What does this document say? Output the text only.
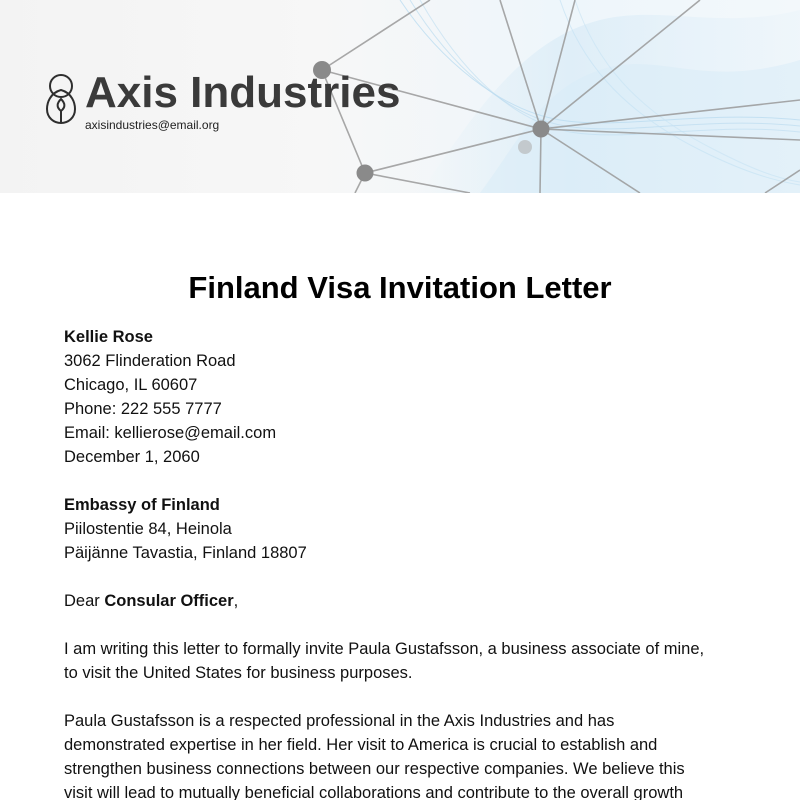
Axis Industries
axisindustries@email.org
Finland Visa Invitation Letter
Kellie Rose
3062 Flinderation Road
Chicago, IL 60607
Phone: 222 555 7777
Email: kellierose@email.com
December 1, 2060
Embassy of Finland
Piilostentie 84, Heinola
Päijänne Tavastia, Finland 18807
Dear Consular Officer,
I am writing this letter to formally invite Paula Gustafsson, a business associate of mine,
to visit the United States for business purposes.
Paula Gustafsson is a respected professional in the Axis Industries and has
demonstrated expertise in her field. Her visit to America is crucial to establish and
strengthen business connections between our respective companies. We believe this
visit will lead to mutually beneficial collaborations and contribute to the overall growth
